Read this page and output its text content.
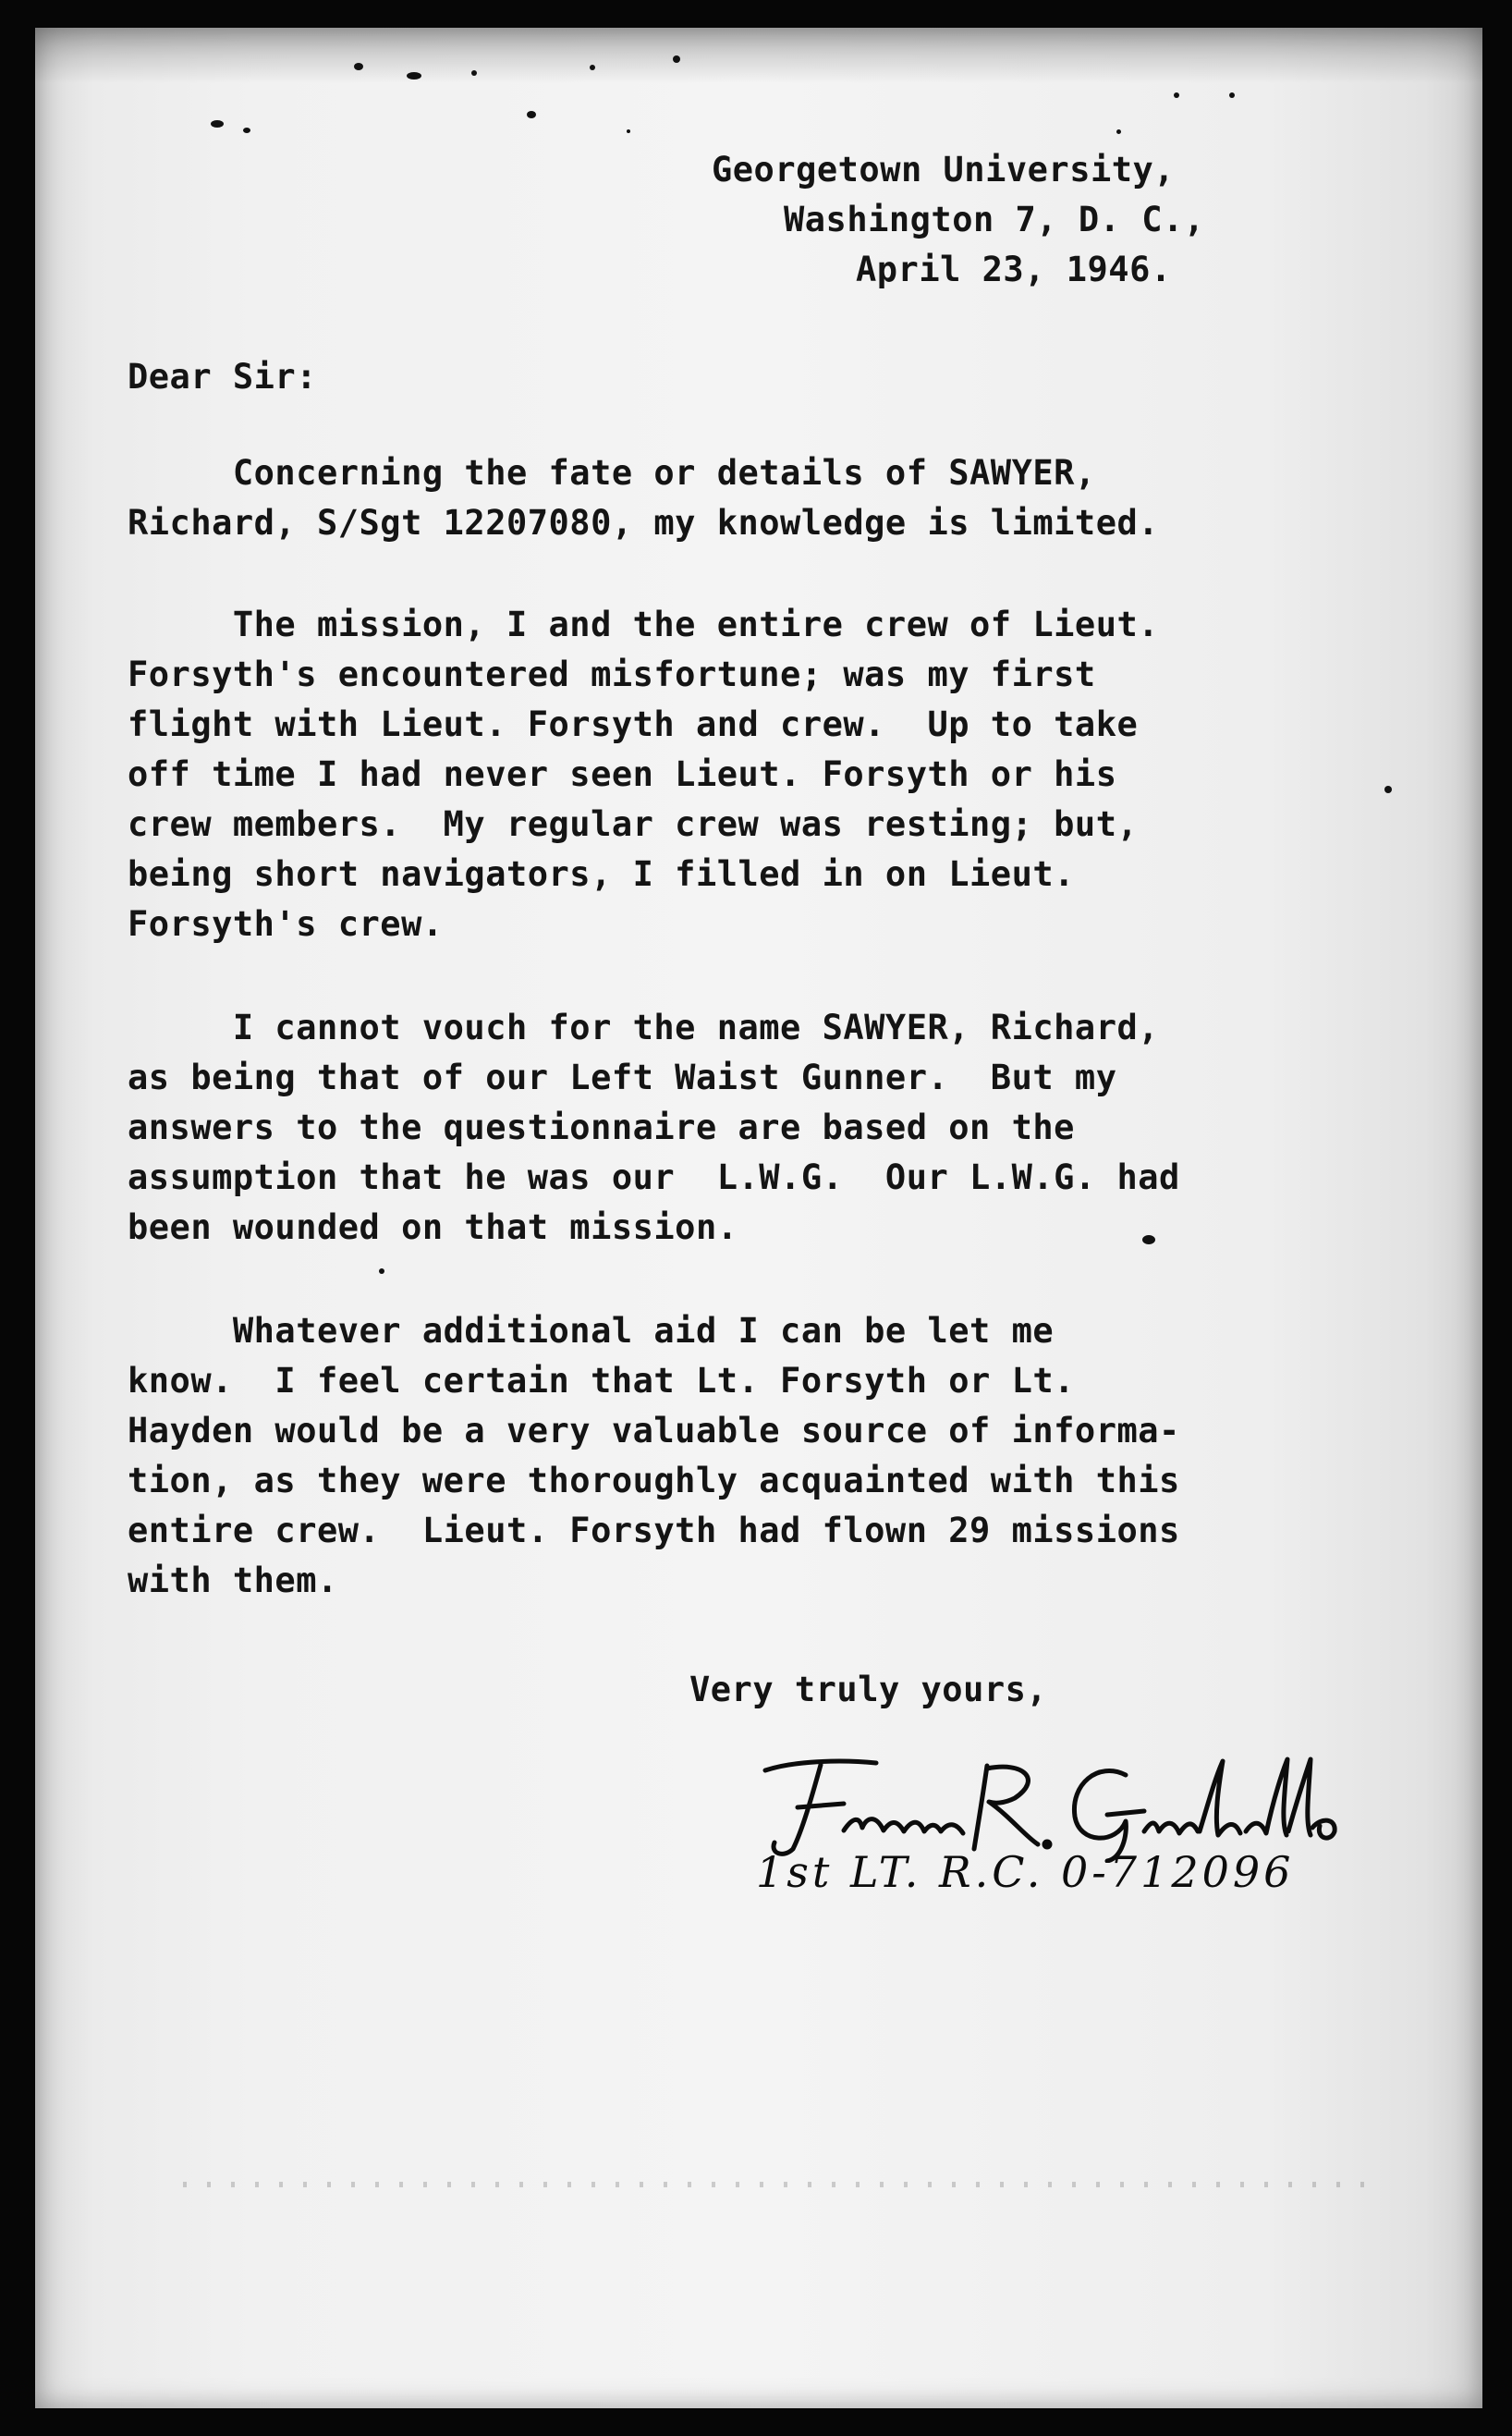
Georgetown University,
Washington 7, D. C.,
April 23, 1946.
Dear Sir:
Concerning the fate or details of SAWYER,
Richard, S/Sgt 12207080, my knowledge is limited.
The mission, I and the entire crew of Lieut.
Forsyth's encountered misfortune; was my first
flight with Lieut. Forsyth and crew.  Up to take
off time I had never seen Lieut. Forsyth or his
crew members.  My regular crew was resting; but,
being short navigators, I filled in on Lieut.
Forsyth's crew.
I cannot vouch for the name SAWYER, Richard,
as being that of our Left Waist Gunner.  But my
answers to the questionnaire are based on the
assumption that he was our  L.W.G.  Our L.W.G. had
been wounded on that mission.
Whatever additional aid I can be let me
know.  I feel certain that Lt. Forsyth or Lt.
Hayden would be a very valuable source of informa-
tion, as they were thoroughly acquainted with this
entire crew.  Lieut. Forsyth had flown 29 missions
with them.
Very truly yours,
1st LT. R.C. 0-712096
